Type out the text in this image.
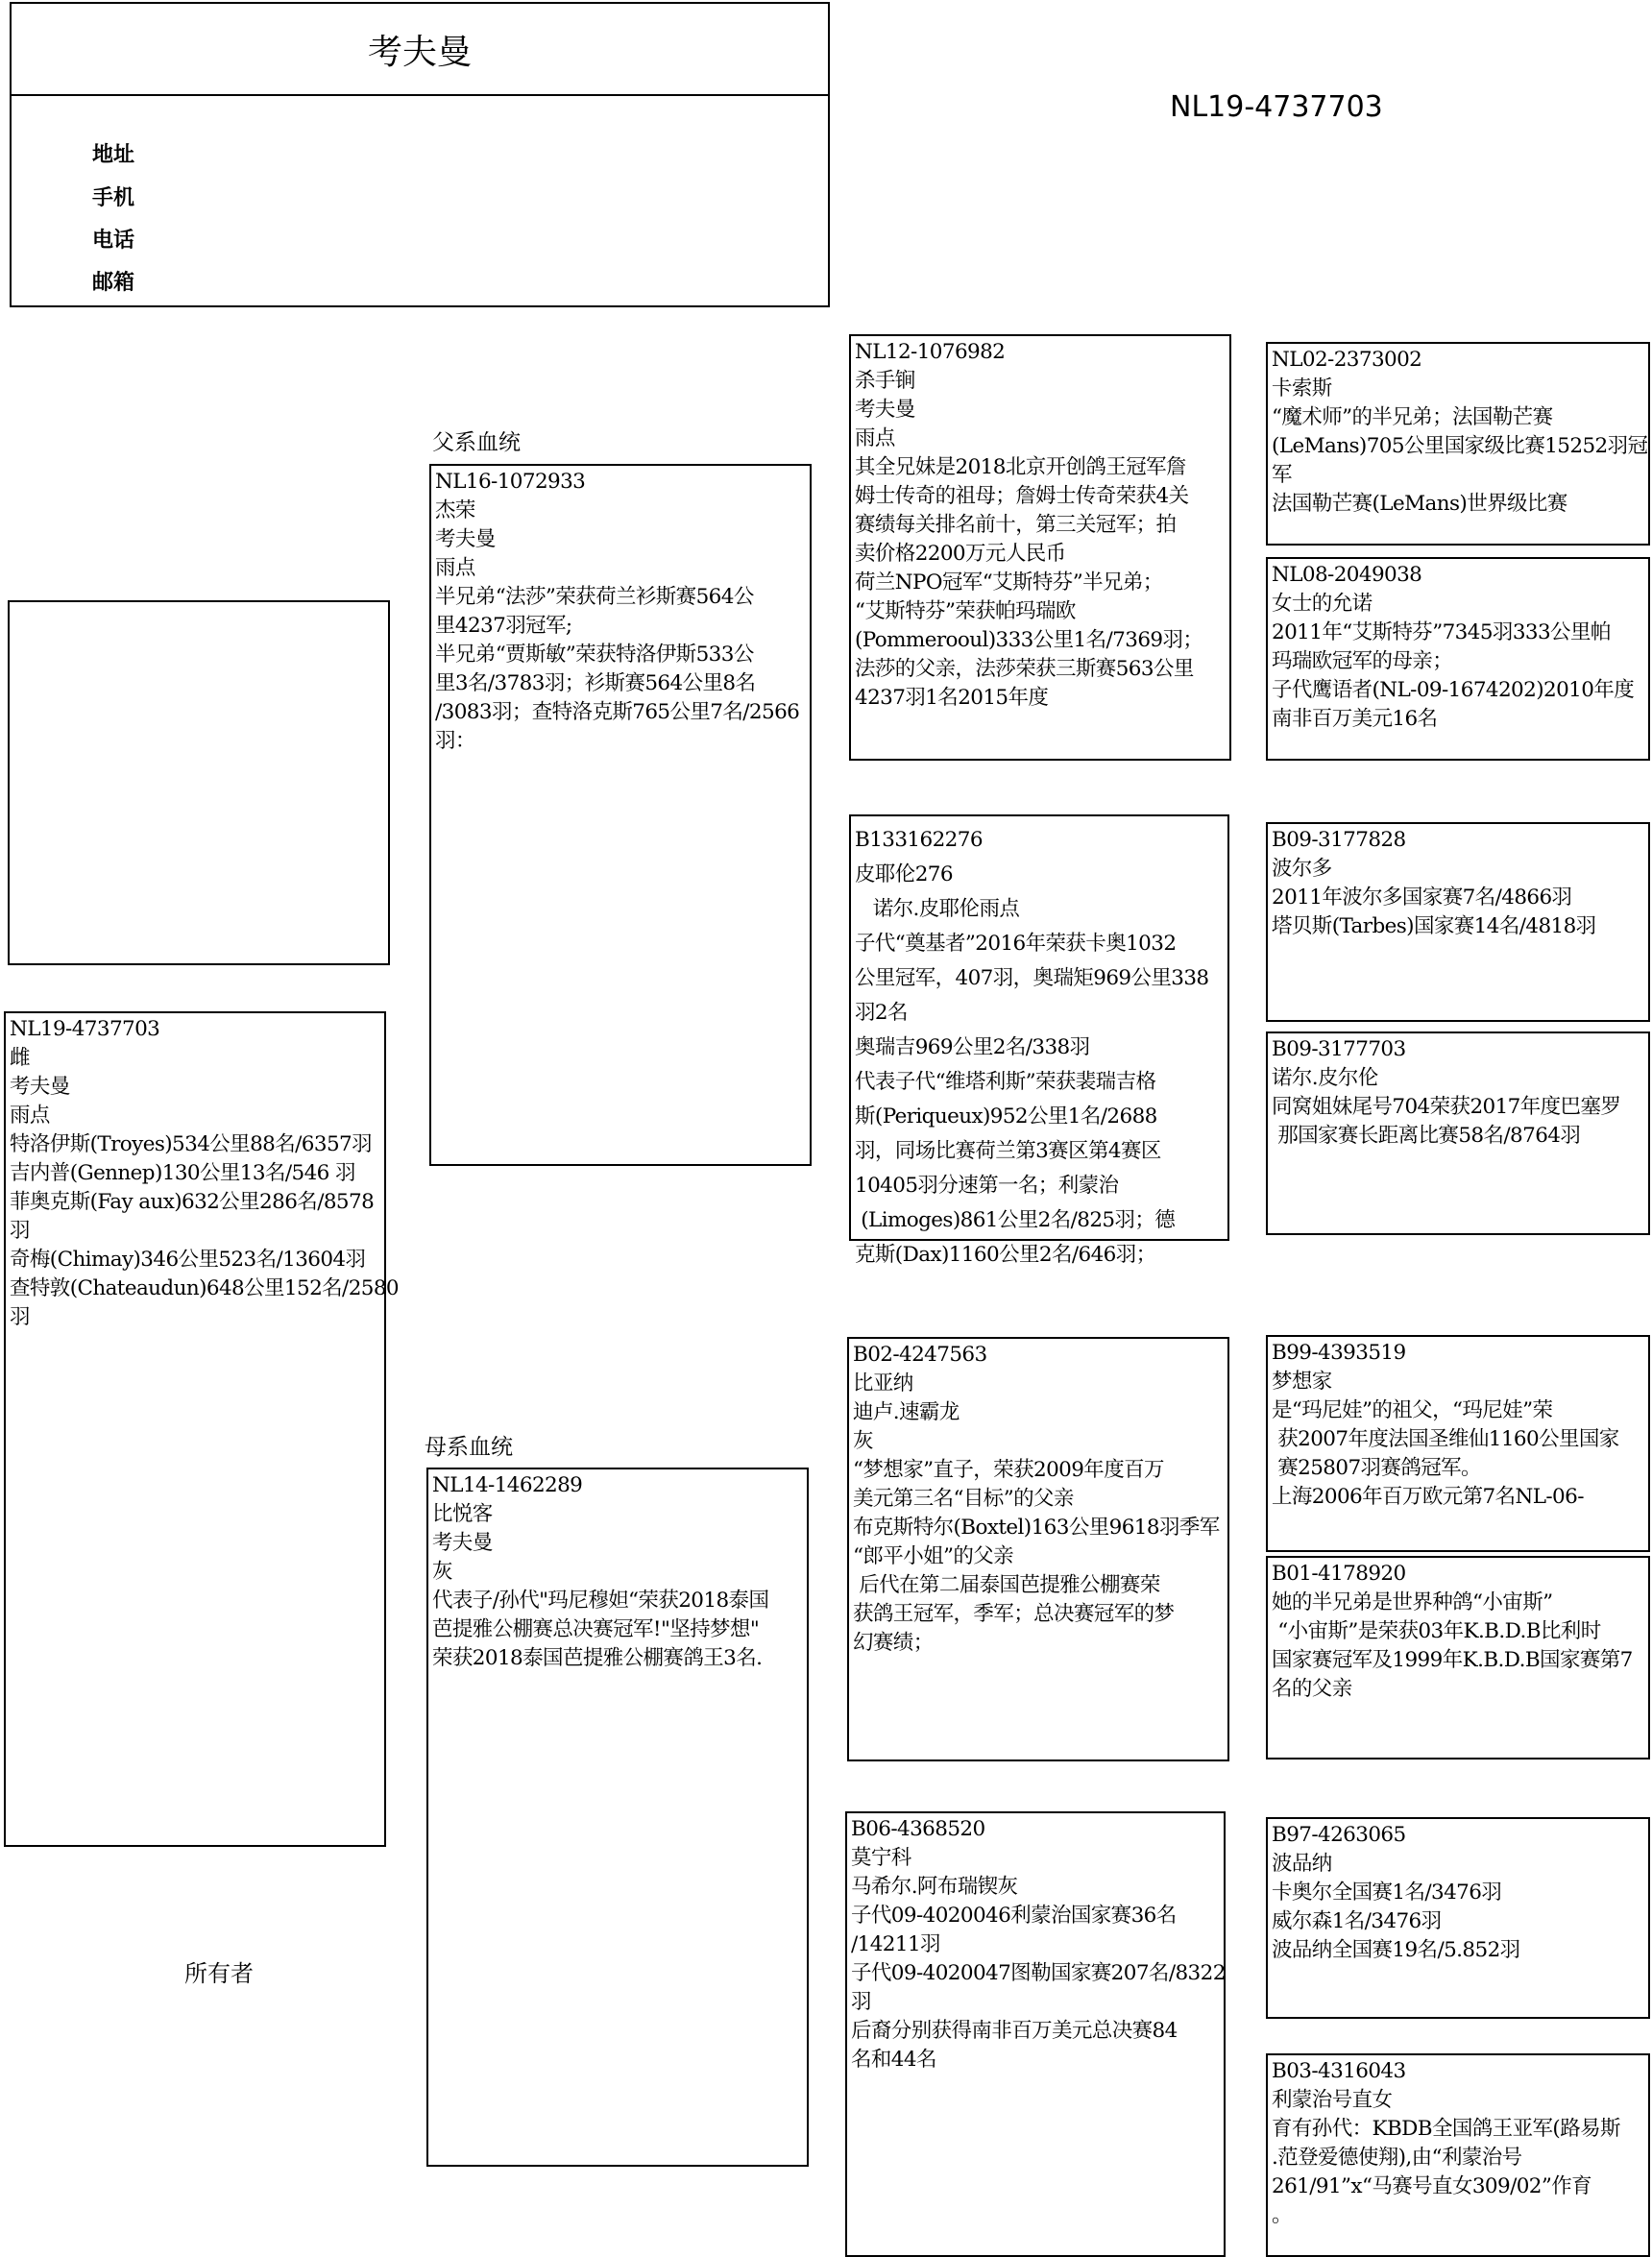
考夫曼
地址
手机
电话
邮箱
NL19-4737703
NL19-4737703
雌
考夫曼
雨点
特洛伊斯(Troyes)534公里88名/6357羽
吉内普(Gennep)130公里13名/546 羽
菲奥克斯(Fay aux)632公里286名/8578
羽
奇梅(Chimay)346公里523名/13604羽
查特敦(Chateaudun)648公里152名/2580
羽
所有者
父系血统
NL16-1072933
杰荣
考夫曼
雨点
半兄弟“法莎”荣获荷兰衫斯赛564公
里4237羽冠军;
半兄弟“贾斯敏”荣获特洛伊斯533公
里3名/3783羽；衫斯赛564公里8名
/3083羽；查特洛克斯765公里7名/2566
羽：
母系血统
NL14-1462289
比悦客
考夫曼
灰
代表子/孙代"玛尼穆妲“荣获2018泰国
芭提雅公棚赛总决赛冠军!"坚持梦想"
荣获2018泰国芭提雅公棚赛鸽王3名.
NL12-1076982
杀手锏
考夫曼
雨点
其全兄妹是2018北京开创鸽王冠军詹
姆士传奇的祖母；詹姆士传奇荣获4关
赛绩每关排名前十，第三关冠军；拍
卖价格2200万元人民币
荷兰NPO冠军“艾斯特芬”半兄弟；
“艾斯特芬”荣获帕玛瑞欧
(Pommerooul)333公里1名/7369羽；
法莎的父亲，法莎荣获三斯赛563公里
4237羽1名2015年度
B133162276
皮耶伦276
诺尔.皮耶伦雨点
子代“奠基者”2016年荣获卡奥1032
公里冠军，407羽，奥瑞矩969公里338
羽2名
奥瑞吉969公里2名/338羽
代表子代“维塔利斯”荣获裴瑞吉格
斯(Periqueux)952公里1名/2688
羽，同场比赛荷兰第3赛区第4赛区
10405羽分速第一名；利蒙治
(Limoges)861公里2名/825羽；德
克斯(Dax)1160公里2名/646羽；
B02-4247563
比亚纳
迪卢.速霸龙
灰
“梦想家”直子，荣获2009年度百万
美元第三名“目标”的父亲
布克斯特尔(Boxtel)163公里9618羽季军
“郎平小姐”的父亲
后代在第二届泰国芭提雅公棚赛荣
获鸽王冠军，季军；总决赛冠军的梦
幻赛绩；
B06-4368520
莫宁科
马希尔.阿布瑞锲灰
子代09-4020046利蒙治国家赛36名
/14211羽
子代09-4020047图勒国家赛207名/8322
羽
后裔分别获得南非百万美元总决赛84
名和44名
NL02-2373002
卡索斯
“魔术师”的半兄弟；法国勒芒赛
(LeMans)705公里国家级比赛15252羽冠
军
法国勒芒赛(LeMans)世界级比赛
NL08-2049038
女士的允诺
2011年“艾斯特芬”7345羽333公里帕
玛瑞欧冠军的母亲；
子代鹰语者(NL-09-1674202)2010年度
南非百万美元16名
B09-3177828
波尔多
2011年波尔多国家赛7名/4866羽
塔贝斯(Tarbes)国家赛14名/4818羽
B09-3177703
诺尔.皮尔伦
同窝姐妹尾号704荣获2017年度巴塞罗
那国家赛长距离比赛58名/8764羽
B99-4393519
梦想家
是“玛尼娃”的祖父，“玛尼娃”荣
获2007年度法国圣维仙1160公里国家
赛25807羽赛鸽冠军。
上海2006年百万欧元第7名NL-06-
B01-4178920
她的半兄弟是世界种鸽“小宙斯”
“小宙斯”是荣获03年K.B.D.B比利时
国家赛冠军及1999年K.B.D.B国家赛第7
名的父亲
B97-4263065
波品纳
卡奥尔全国赛1名/3476羽
威尔森1名/3476羽
波品纳全国赛19名/5.852羽
B03-4316043
利蒙治号直女
育有孙代：KBDB全国鸽王亚军(路易斯
.范登爱德使翔),由“利蒙治号
261/91”x“马赛号直女309/02”作育
。
